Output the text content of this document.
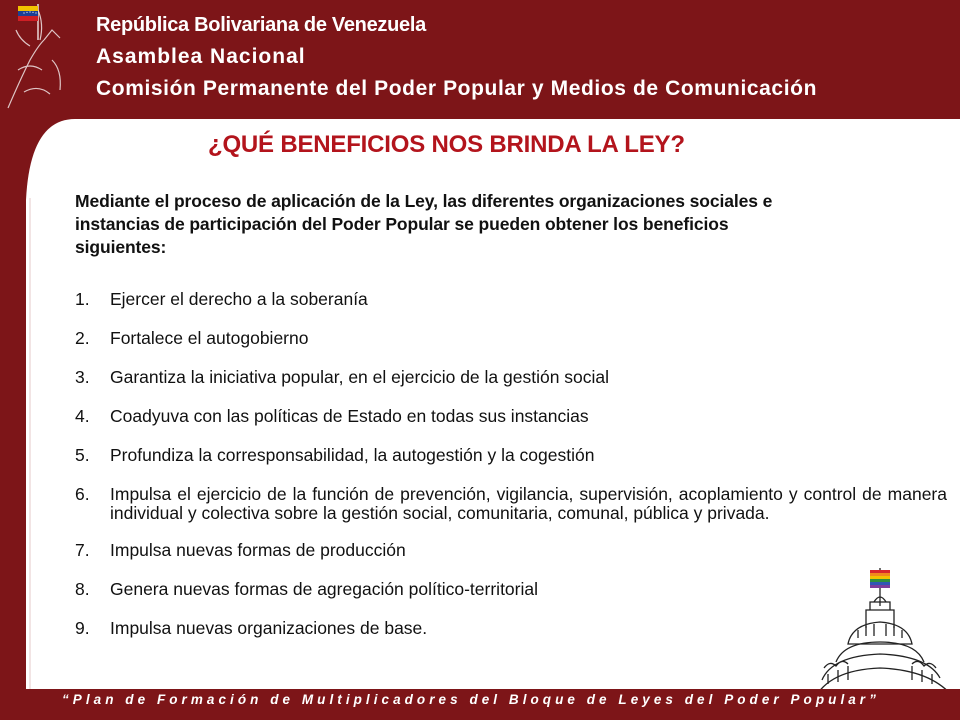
República Bolivariana de Venezuela
Asamblea Nacional
Comisión Permanente del Poder Popular y Medios de Comunicación
¿QUÉ BENEFICIOS NOS BRINDA LA LEY?
Mediante el proceso de aplicación de la Ley, las diferentes organizaciones sociales e instancias de participación del Poder Popular se pueden obtener los beneficios siguientes:
1.	Ejercer el derecho a la soberanía
2.	Fortalece el autogobierno
3.	Garantiza la iniciativa popular, en el ejercicio de la gestión social
4.	Coadyuva con las políticas de Estado en todas sus instancias
5.	Profundiza la corresponsabilidad, la autogestión y la cogestión
6.	Impulsa el ejercicio de la función de prevención, vigilancia, supervisión, acoplamiento y control de manera individual y colectiva sobre la gestión social, comunitaria, comunal, pública y privada.
7.	Impulsa nuevas formas de producción
8.	Genera nuevas formas de agregación político-territorial
9.	Impulsa nuevas organizaciones de base.
“Plan de Formación de Multiplicadores del Bloque de Leyes del Poder Popular”
